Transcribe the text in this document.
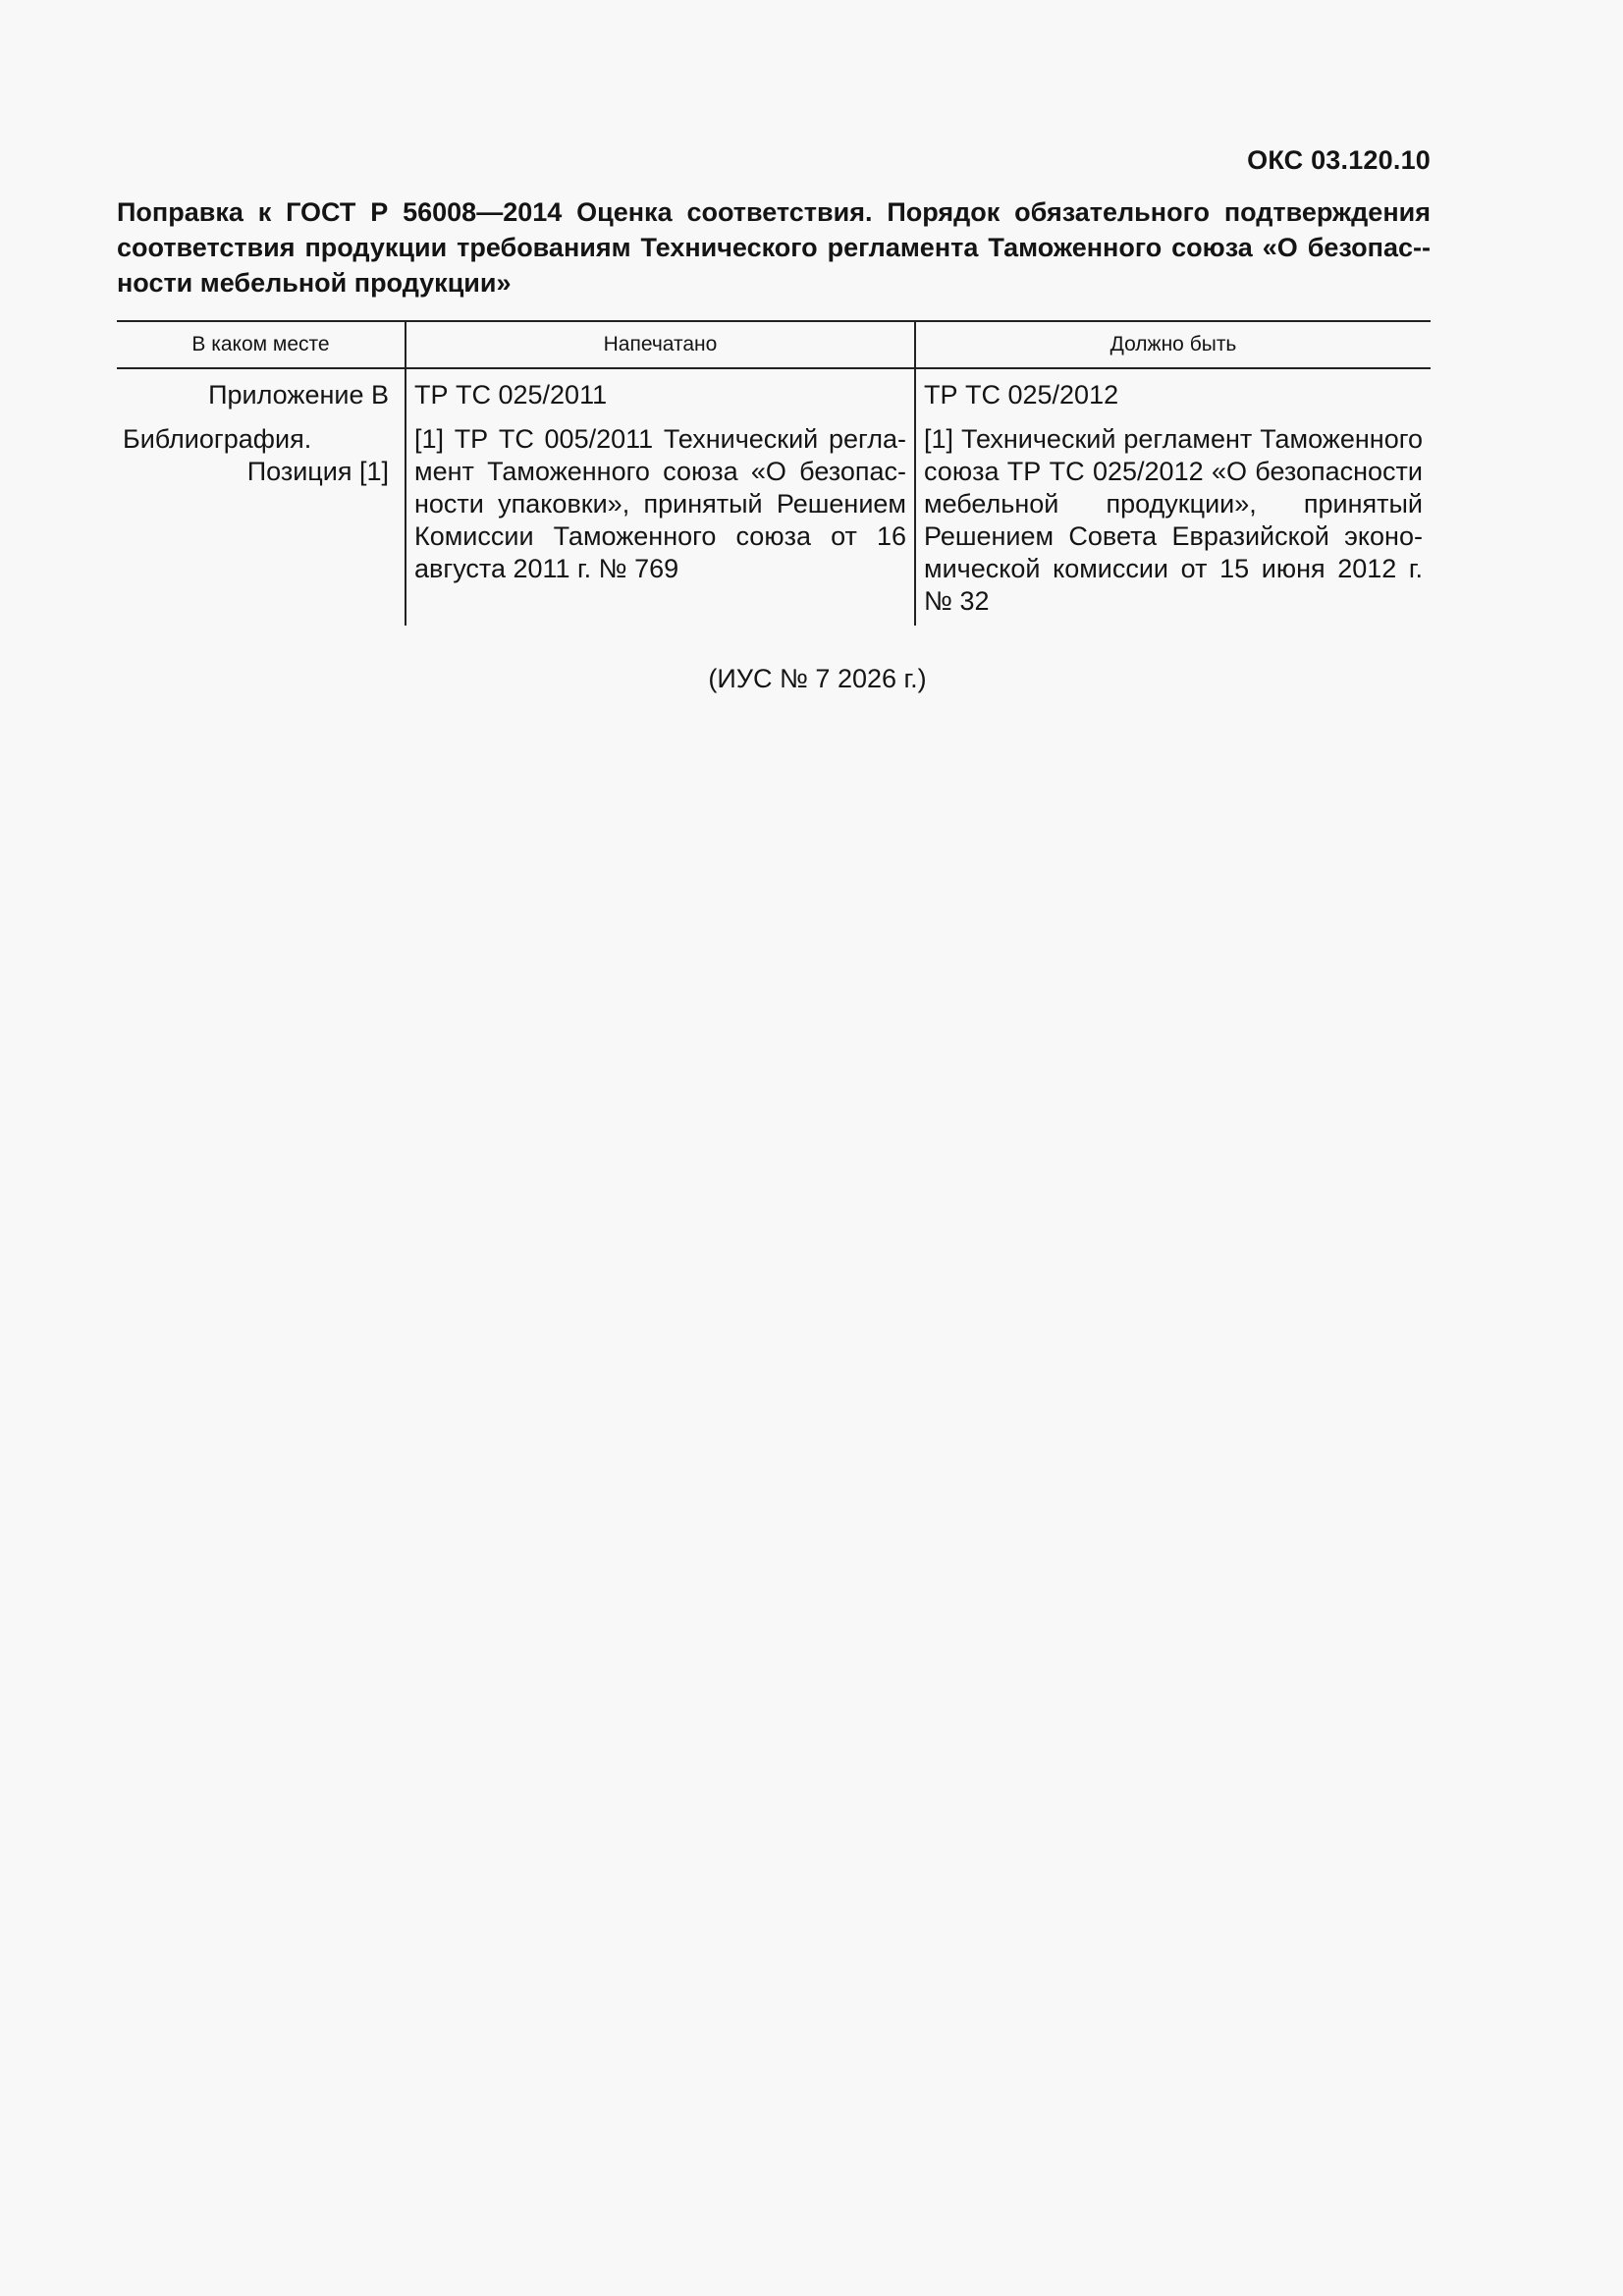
ОКС 03.120.10
Поправка к ГОСТ Р 56008—2014 Оценка соответствия. Порядок обязательного подтверждения соответствия продукции требованиям Технического регламента Таможенного союза «О безопас-ности мебельной продукции»
В каком месте	Напечатано	Должно быть
Приложение В	ТР ТС 025/2011	ТР ТС 025/2012
Библиография. Позиция [1]	[1] ТР ТС 005/2011 Технический регламент Таможенного союза «О безопасности упаковки», принятый Решением Комиссии Таможенного союза от 16 августа 2011 г. № 769	[1] Технический регламент Таможенного союза ТР ТС 025/2012 «О безопасности мебельной продукции», принятый Решением Совета Евразийской экономической комиссии от 15 июня 2012 г. № 32
(ИУС № 7 2026 г.)
